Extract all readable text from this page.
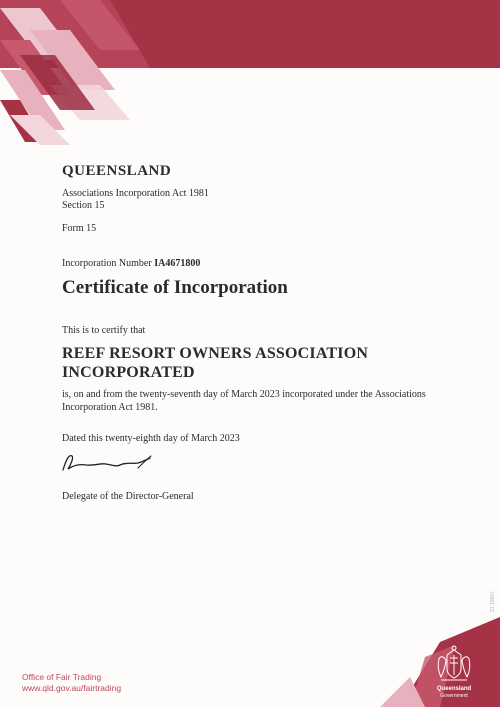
QUEENSLAND
Associations Incorporation Act 1981
Section 15
Form 15
Incorporation Number IA4671800
Certificate of Incorporation
This is to certify that
REEF RESORT OWNERS ASSOCIATION
INCORPORATED
is, on and from the twenty-seventh day of March 2023 incorporated under the Associations Incorporation Act 1981.
Dated this twenty-eighth day of March 2023
Delegate of the Director-General
Office of Fair Trading
www.qld.gov.au/fairtrading	Queensland
Government
21 15897
